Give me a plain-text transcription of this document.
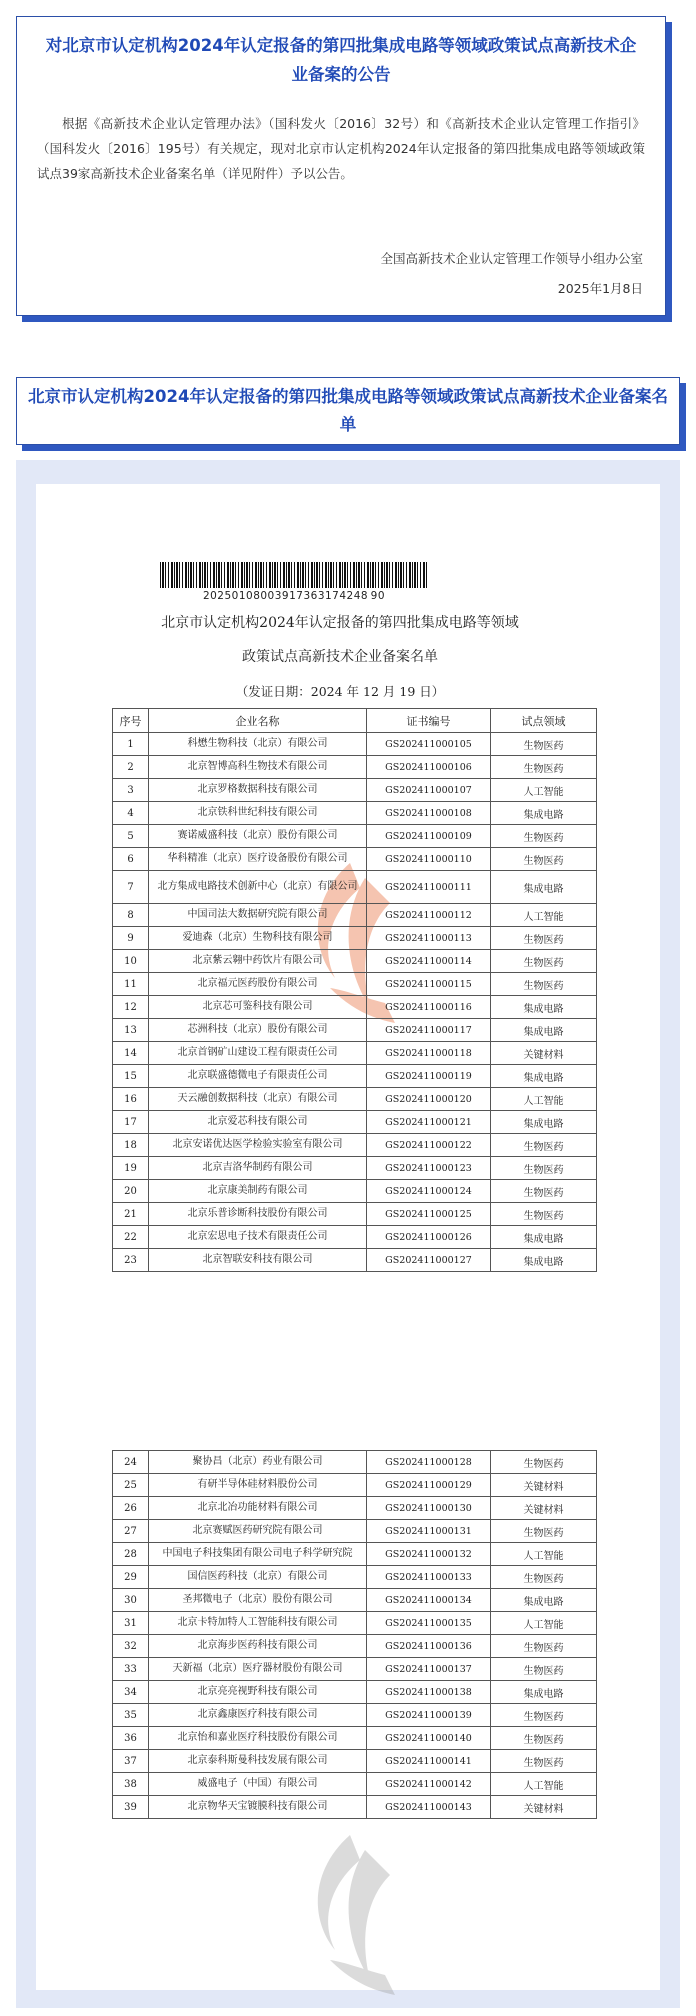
对北京市认定机构2024年认定报备的第四批集成电路等领域政策试点高新技术企业备案的公告
根据《高新技术企业认定管理办法》（国科发火〔2016〕32号）和《高新技术企业认定管理工作指引》（国科发火〔2016〕195号）有关规定，现对北京市认定机构2024年认定报备的第四批集成电路等领域政策试点39家高新技术企业备案名单（详见附件）予以公告。
全国高新技术企业认定管理工作领导小组办公室
2025年1月8日
北京市认定机构2024年认定报备的第四批集成电路等领域政策试点高新技术企业备案名单
20250108003917363174248 90
北京市认定机构2024年认定报备的第四批集成电路等领域
政策试点高新技术企业备案名单
（发证日期：2024 年 12 月 19 日）
序号	企业名称	证书编号	试点领域
1	科懋生物科技（北京）有限公司	GS202411000105	生物医药
2	北京智博高科生物技术有限公司	GS202411000106	生物医药
3	北京罗格数据科技有限公司	GS202411000107	人工智能
4	北京铁科世纪科技有限公司	GS202411000108	集成电路
5	赛诺威盛科技（北京）股份有限公司	GS202411000109	生物医药
6	华科精准（北京）医疗设备股份有限公司	GS202411000110	生物医药
7	北方集成电路技术创新中心（北京）有限公司	GS202411000111	集成电路
8	中国司法大数据研究院有限公司	GS202411000112	人工智能
9	爱迪森（北京）生物科技有限公司	GS202411000113	生物医药
10	北京紫云翱中药饮片有限公司	GS202411000114	生物医药
11	北京福元医药股份有限公司	GS202411000115	生物医药
12	北京芯可鉴科技有限公司	GS202411000116	集成电路
13	芯洲科技（北京）股份有限公司	GS202411000117	集成电路
14	北京首钢矿山建设工程有限责任公司	GS202411000118	关键材料
15	北京联盛德微电子有限责任公司	GS202411000119	集成电路
16	天云融创数据科技（北京）有限公司	GS202411000120	人工智能
17	北京爱芯科技有限公司	GS202411000121	集成电路
18	北京安诺优达医学检验实验室有限公司	GS202411000122	生物医药
19	北京吉洛华制药有限公司	GS202411000123	生物医药
20	北京康美制药有限公司	GS202411000124	生物医药
21	北京乐普诊断科技股份有限公司	GS202411000125	生物医药
22	北京宏思电子技术有限责任公司	GS202411000126	集成电路
23	北京智联安科技有限公司	GS202411000127	集成电路
24	聚协昌（北京）药业有限公司	GS202411000128	生物医药
25	有研半导体硅材料股份公司	GS202411000129	关键材料
26	北京北冶功能材料有限公司	GS202411000130	关键材料
27	北京赛赋医药研究院有限公司	GS202411000131	生物医药
28	中国电子科技集团有限公司电子科学研究院	GS202411000132	人工智能
29	国信医药科技（北京）有限公司	GS202411000133	生物医药
30	圣邦微电子（北京）股份有限公司	GS202411000134	集成电路
31	北京卡特加特人工智能科技有限公司	GS202411000135	人工智能
32	北京海步医药科技有限公司	GS202411000136	生物医药
33	天新福（北京）医疗器材股份有限公司	GS202411000137	生物医药
34	北京亮亮视野科技有限公司	GS202411000138	集成电路
35	北京鑫康医疗科技有限公司	GS202411000139	生物医药
36	北京怡和嘉业医疗科技股份有限公司	GS202411000140	生物医药
37	北京泰科斯曼科技发展有限公司	GS202411000141	生物医药
38	威盛电子（中国）有限公司	GS202411000142	人工智能
39	北京物华天宝镀膜科技有限公司	GS202411000143	关键材料
